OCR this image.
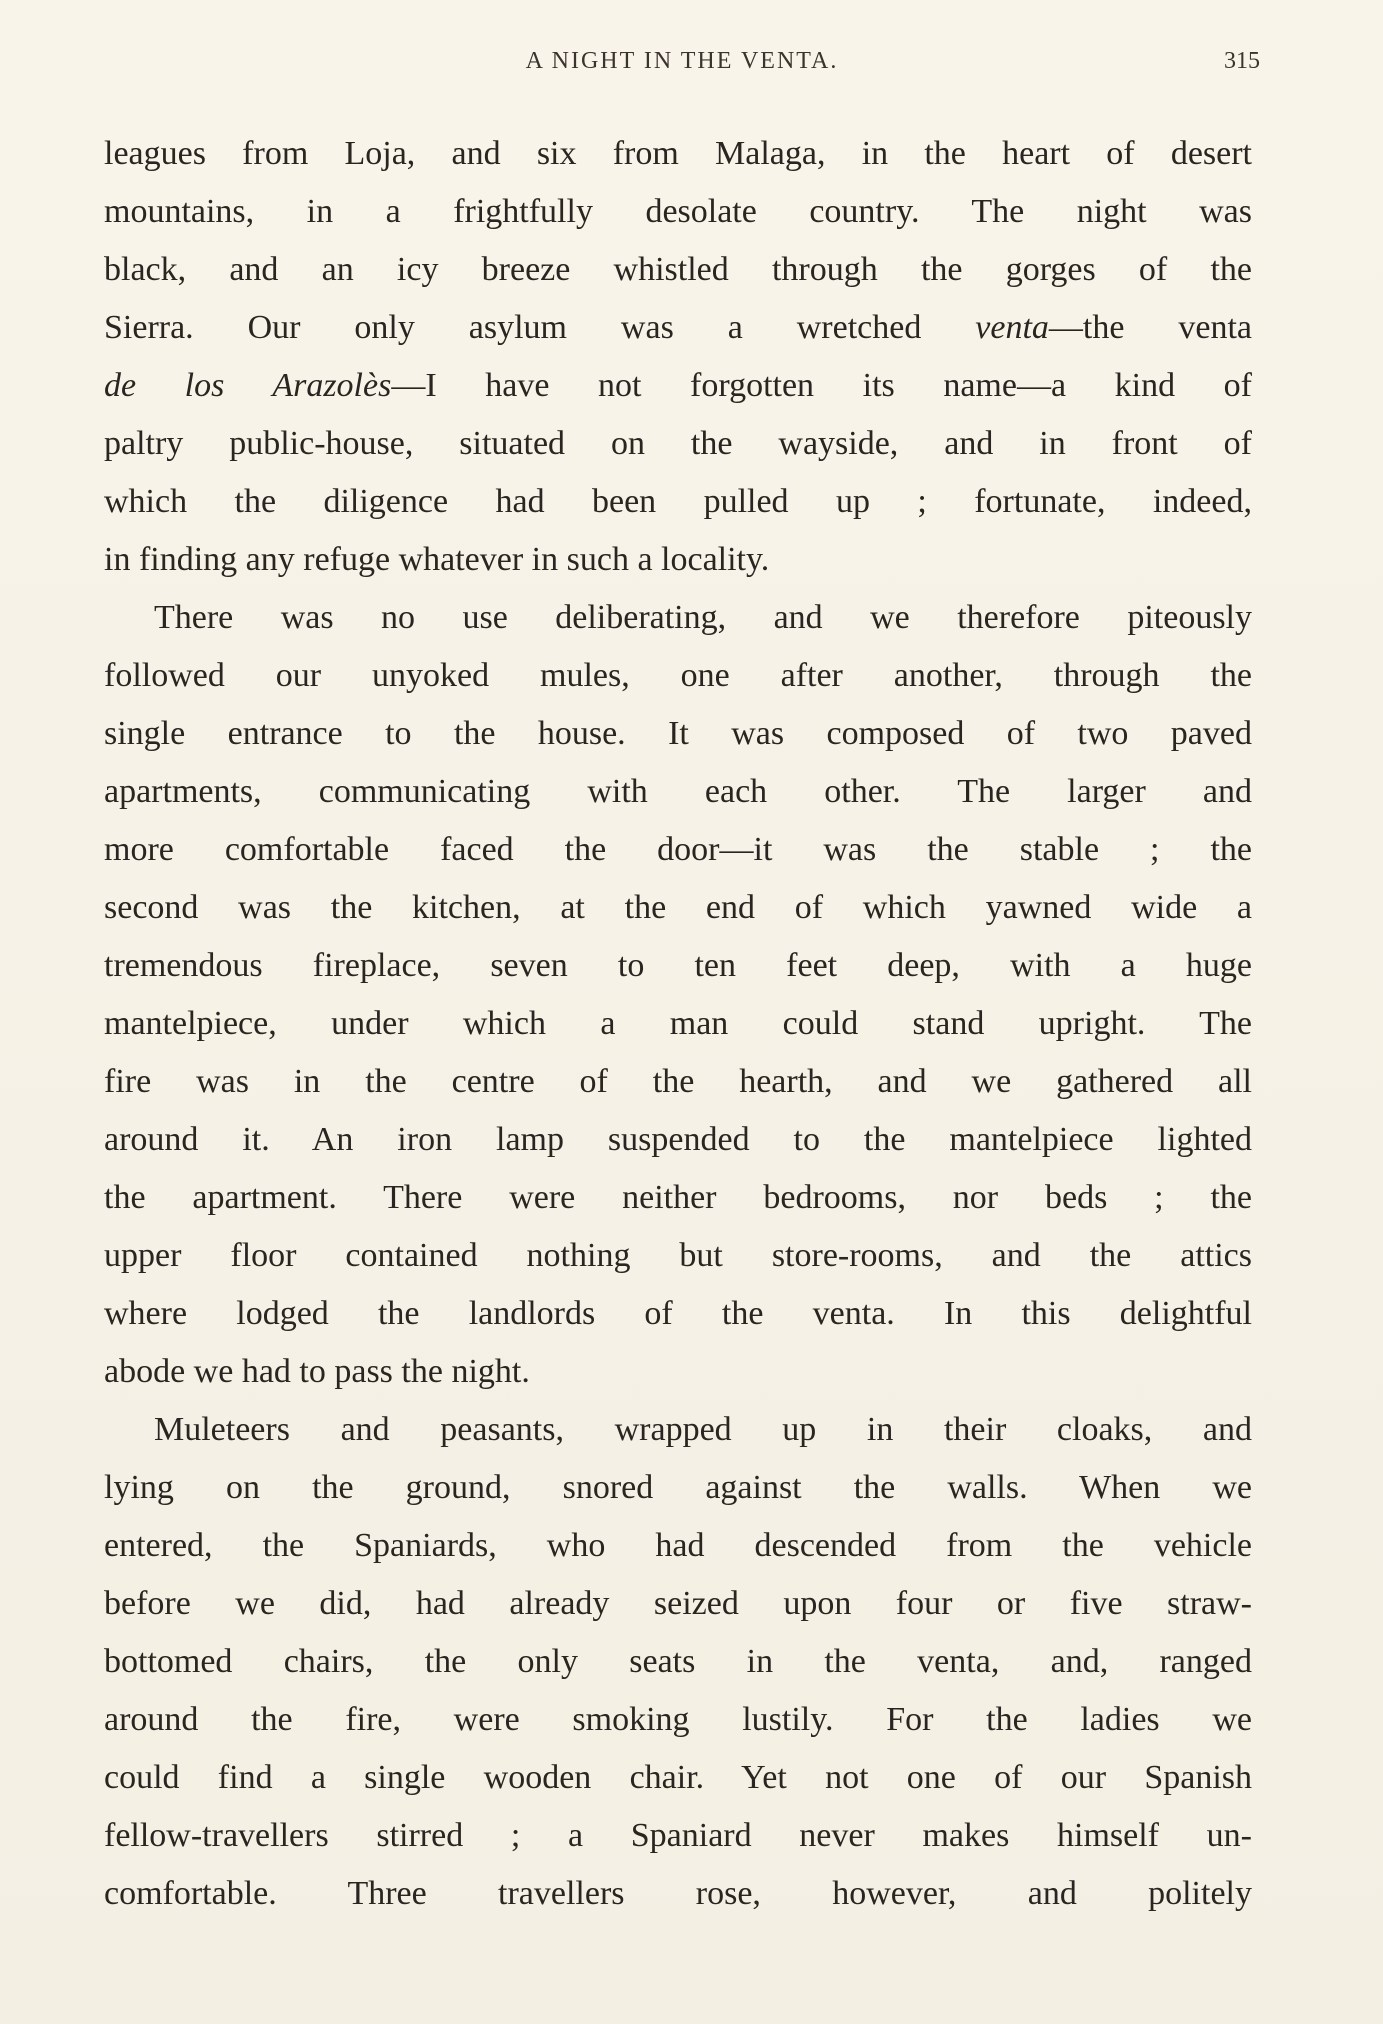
A NIGHT IN THE VENTA.	315
leagues from Loja, and six from Malaga, in the heart of desert
mountains, in a frightfully desolate country. The night was
black, and an icy breeze whistled through the gorges of the
Sierra. Our only asylum was a wretched venta—the venta
de los Arazolès—I have not forgotten its name—a kind of
paltry public-house, situated on the wayside, and in front of
which the diligence had been pulled up ; fortunate, indeed,
in finding any refuge whatever in such a locality.
There was no use deliberating, and we therefore piteously
followed our unyoked mules, one after another, through the
single entrance to the house. It was composed of two paved
apartments, communicating with each other. The larger and
more comfortable faced the door—it was the stable ; the
second was the kitchen, at the end of which yawned wide a
tremendous fireplace, seven to ten feet deep, with a huge
mantelpiece, under which a man could stand upright. The
fire was in the centre of the hearth, and we gathered all
around it. An iron lamp suspended to the mantelpiece lighted
the apartment. There were neither bedrooms, nor beds ; the
upper floor contained nothing but store-rooms, and the attics
where lodged the landlords of the venta. In this delightful
abode we had to pass the night.
Muleteers and peasants, wrapped up in their cloaks, and
lying on the ground, snored against the walls. When we
entered, the Spaniards, who had descended from the vehicle
before we did, had already seized upon four or five straw-
bottomed chairs, the only seats in the venta, and, ranged
around the fire, were smoking lustily. For the ladies we
could find a single wooden chair. Yet not one of our Spanish
fellow-travellers stirred ; a Spaniard never makes himself un-
comfortable. Three travellers rose, however, and politely
